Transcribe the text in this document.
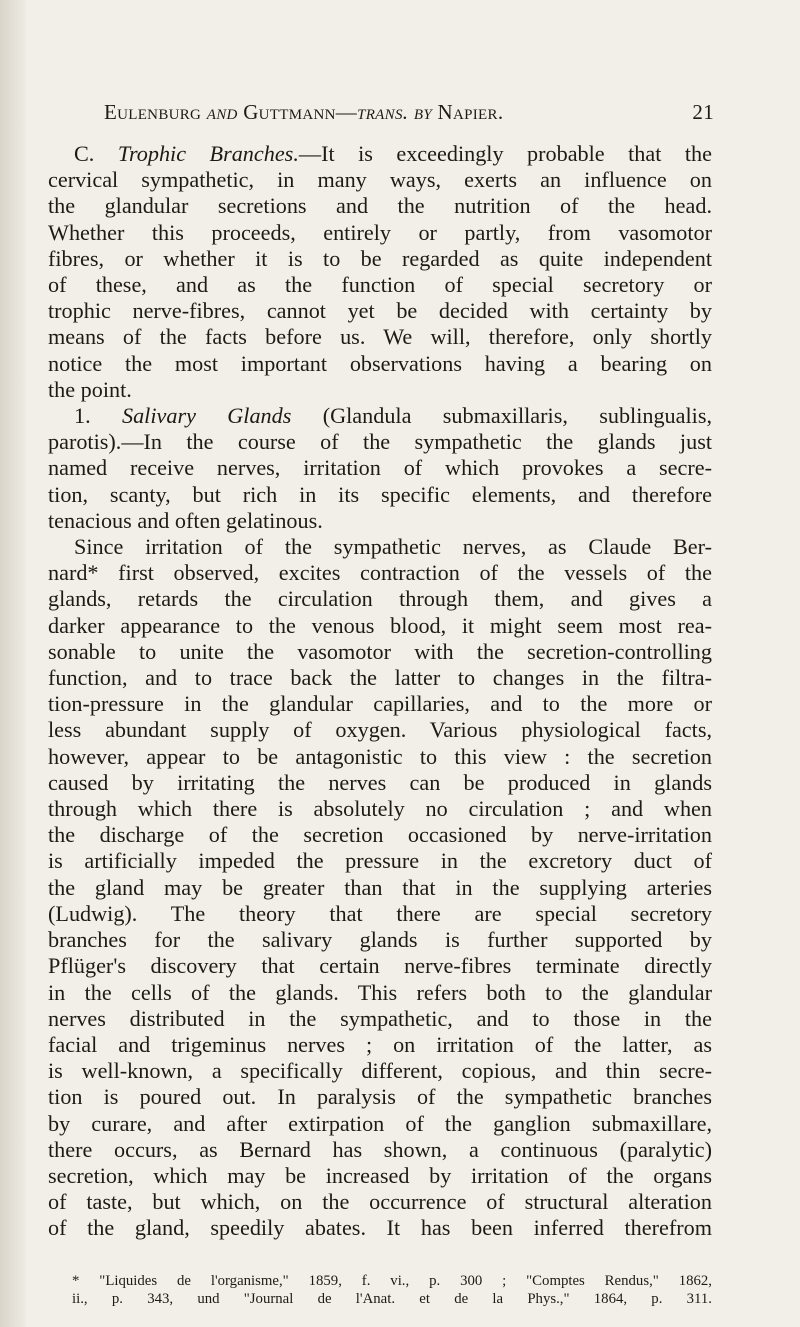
Eulenburg and Guttmann—trans. by Napier.	21
C. Trophic Branches.—It is exceedingly probable that the
cervical sympathetic, in many ways, exerts an influence on
the glandular secretions and the nutrition of the head.
Whether this proceeds, entirely or partly, from vasomotor
fibres, or whether it is to be regarded as quite independent
of these, and as the function of special secretory or
trophic nerve-fibres, cannot yet be decided with certainty by
means of the facts before us. We will, therefore, only shortly
notice the most important observations having a bearing on
the point.
1. Salivary Glands (Glandula submaxillaris, sublingualis,
parotis).—In the course of the sympathetic the glands just
named receive nerves, irritation of which provokes a secre-
tion, scanty, but rich in its specific elements, and therefore
tenacious and often gelatinous.
Since irritation of the sympathetic nerves, as Claude Ber-
nard* first observed, excites contraction of the vessels of the
glands, retards the circulation through them, and gives a
darker appearance to the venous blood, it might seem most rea-
sonable to unite the vasomotor with the secretion-controlling
function, and to trace back the latter to changes in the filtra-
tion-pressure in the glandular capillaries, and to the more or
less abundant supply of oxygen. Various physiological facts,
however, appear to be antagonistic to this view : the secretion
caused by irritating the nerves can be produced in glands
through which there is absolutely no circulation ; and when
the discharge of the secretion occasioned by nerve-irritation
is artificially impeded the pressure in the excretory duct of
the gland may be greater than that in the supplying arteries
(Ludwig). The theory that there are special secretory
branches for the salivary glands is further supported by
Pflüger's discovery that certain nerve-fibres terminate directly
in the cells of the glands. This refers both to the glandular
nerves distributed in the sympathetic, and to those in the
facial and trigeminus nerves ; on irritation of the latter, as
is well-known, a specifically different, copious, and thin secre-
tion is poured out. In paralysis of the sympathetic branches
by curare, and after extirpation of the ganglion submaxillare,
there occurs, as Bernard has shown, a continuous (paralytic)
secretion, which may be increased by irritation of the organs
of taste, but which, on the occurrence of structural alteration
of the gland, speedily abates. It has been inferred therefrom
* "Liquides de l'organisme," 1859, f. vi., p. 300 ; "Comptes Rendus," 1862,
ii., p. 343, und "Journal de l'Anat. et de la Phys.," 1864, p. 311.
